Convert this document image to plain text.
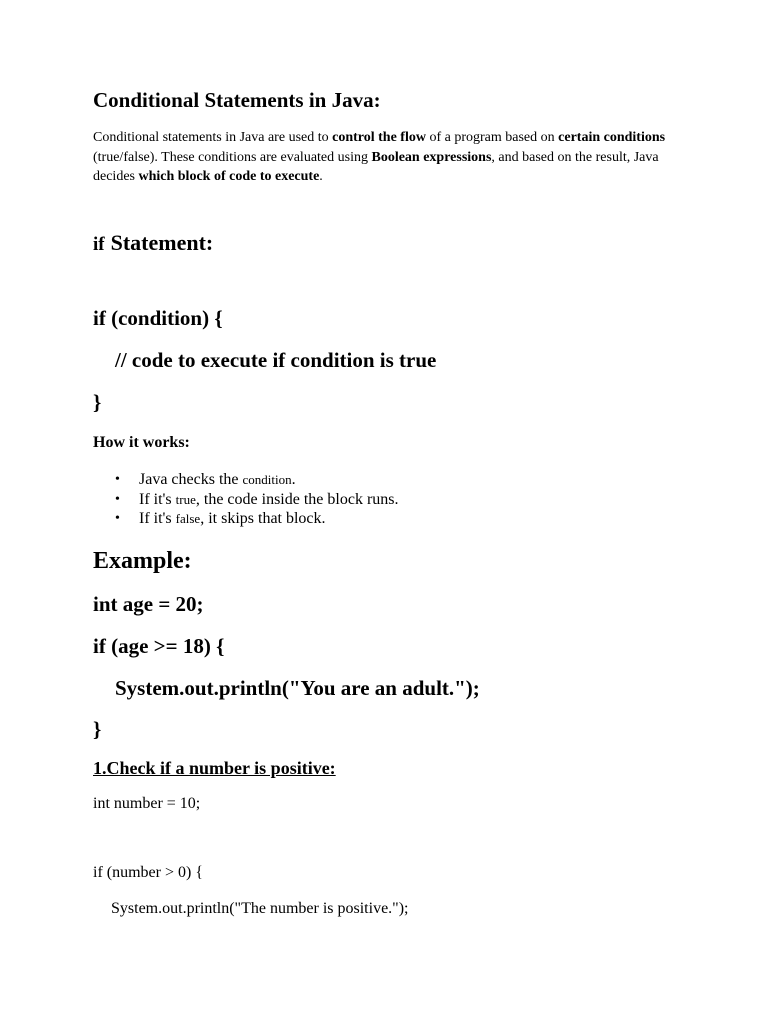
Conditional Statements in Java:

Conditional statements in Java are used to control the flow of a program based on certain conditions (true/false). These conditions are evaluated using Boolean expressions, and based on the result, Java decides which block of code to execute.

if Statement:
if (condition) {
// code to execute if condition is true
}
How it works:
• Java checks the condition.
• If it's true, the code inside the block runs.
• If it's false, it skips that block.
Example:
int age = 20;
if (age >= 18) {
System.out.println("You are an adult.");
}
1.Check if a number is positive:
int number = 10;
if (number > 0) {
System.out.println("The number is positive.");
